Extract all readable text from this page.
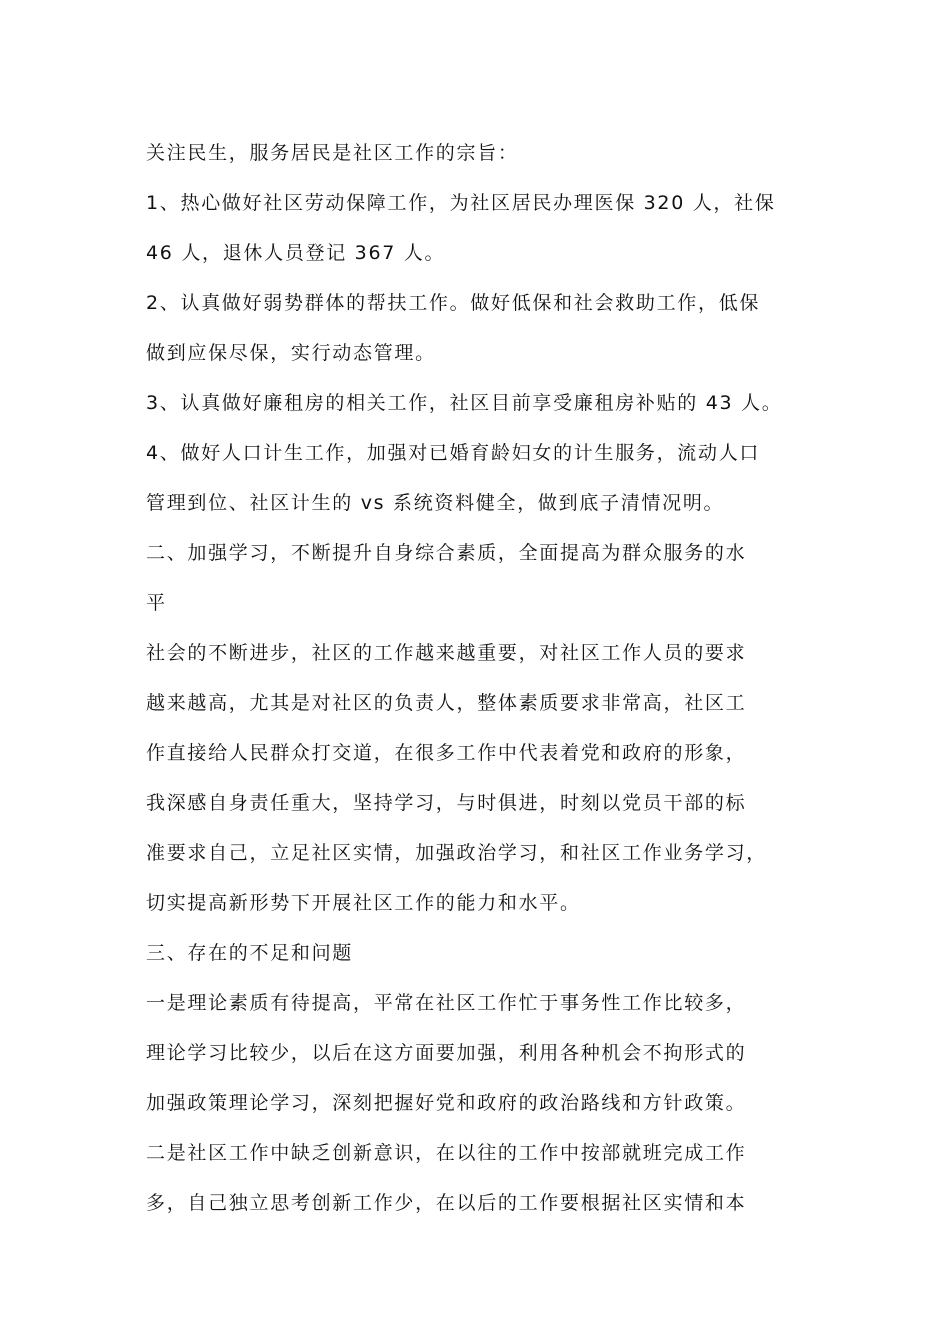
关注民生，服务居民是社区工作的宗旨：
1、热心做好社区劳动保障工作，为社区居民办理医保 320 人，社保
46 人，退休人员登记 367 人。
2、认真做好弱势群体的帮扶工作。做好低保和社会救助工作，低保
做到应保尽保，实行动态管理。
3、认真做好廉租房的相关工作，社区目前享受廉租房补贴的 43 人。
4、做好人口计生工作，加强对已婚育龄妇女的计生服务，流动人口
管理到位、社区计生的 vs 系统资料健全，做到底子清情况明。
二、加强学习，不断提升自身综合素质，全面提高为群众服务的水
平
社会的不断进步，社区的工作越来越重要，对社区工作人员的要求
越来越高，尤其是对社区的负责人，整体素质要求非常高，社区工
作直接给人民群众打交道，在很多工作中代表着党和政府的形象，
我深感自身责任重大，坚持学习，与时俱进，时刻以党员干部的标
准要求自己，立足社区实情，加强政治学习，和社区工作业务学习，
切实提高新形势下开展社区工作的能力和水平。
三、存在的不足和问题
一是理论素质有待提高，平常在社区工作忙于事务性工作比较多，
理论学习比较少，以后在这方面要加强，利用各种机会不拘形式的
加强政策理论学习，深刻把握好党和政府的政治路线和方针政策。
二是社区工作中缺乏创新意识，在以往的工作中按部就班完成工作
多，自己独立思考创新工作少，在以后的工作要根据社区实情和本
